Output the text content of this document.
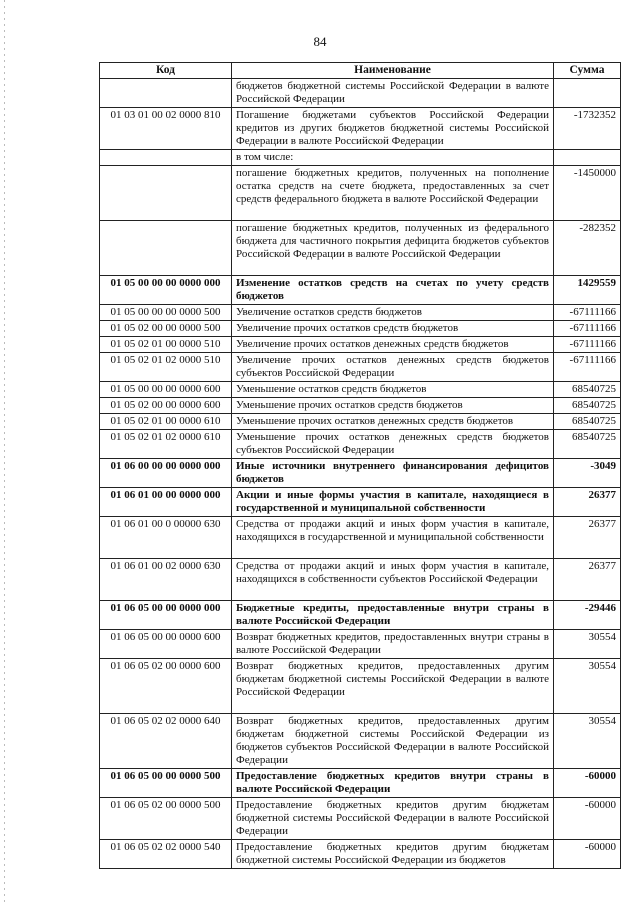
84
Код	Наименование	Сумма
	бюджетов бюджетной системы Российской Федерации в валюте Российской Федерации	
01 03 01 00 02 0000 810	Погашение бюджетами субъектов Российской Федерации кредитов из других бюджетов бюджетной системы Российской Федерации в валюте Российской Федерации	-1732352
	в том числе:	
	погашение бюджетных кредитов, полученных на пополнение остатка средств на счете бюджета, предоставленных за счет средств федерального бюджета в валюте Российской Федерации	-1450000
	погашение бюджетных кредитов, полученных из федерального бюджета для частичного покрытия дефицита бюджетов субъектов Российской Федерации в валюте Российской Федерации	-282352
01 05 00 00 00 0000 000	Изменение остатков средств на счетах по учету средств бюджетов	1429559
01 05 00 00 00 0000 500	Увеличение остатков средств бюджетов	-67111166
01 05 02 00 00 0000 500	Увеличение прочих остатков средств бюджетов	-67111166
01 05 02 01 00 0000 510	Увеличение прочих остатков денежных средств бюджетов	-67111166
01 05 02 01 02 0000 510	Увеличение прочих остатков денежных средств бюджетов субъектов Российской Федерации	-67111166
01 05 00 00 00 0000 600	Уменьшение остатков средств бюджетов	68540725
01 05 02 00 00 0000 600	Уменьшение прочих остатков средств бюджетов	68540725
01 05 02 01 00 0000 610	Уменьшение прочих остатков денежных средств бюджетов	68540725
01 05 02 01 02 0000 610	Уменьшение прочих остатков денежных средств бюджетов субъектов Российской Федерации	68540725
01 06 00 00 00 0000 000	Иные источники внутреннего финансирования дефицитов бюджетов	-3049
01 06 01 00 00 0000 000	Акции и иные формы участия в капитале, находящиеся в государственной и муниципальной собственности	26377
01 06 01 00 0 00000 630	Средства от продажи акций и иных форм участия в капитале, находящихся в государственной и муниципальной собственности	26377
01 06 01 00 02 0000 630	Средства от продажи акций и иных форм участия в капитале, находящихся в собственности субъектов Российской Федерации	26377
01 06 05 00 00 0000 000	Бюджетные кредиты, предоставленные внутри страны в валюте Российской Федерации	-29446
01 06 05 00 00 0000 600	Возврат бюджетных кредитов, предоставленных внутри страны в валюте Российской Федерации	30554
01 06 05 02 00 0000 600	Возврат бюджетных кредитов, предоставленных другим бюджетам бюджетной системы Российской Федерации в валюте Российской Федерации	30554
01 06 05 02 02 0000 640	Возврат бюджетных кредитов, предоставленных другим бюджетам бюджетной системы Российской Федерации из бюджетов субъектов Российской Федерации в валюте Российской Федерации	30554
01 06 05 00 00 0000 500	Предоставление бюджетных кредитов внутри страны в валюте Российской Федерации	-60000
01 06 05 02 00 0000 500	Предоставление бюджетных кредитов другим бюджетам бюджетной системы Российской Федерации в валюте Российской Федерации	-60000
01 06 05 02 02 0000 540	Предоставление бюджетных кредитов другим бюджетам бюджетной системы Российской Федерации из бюджетов	-60000
